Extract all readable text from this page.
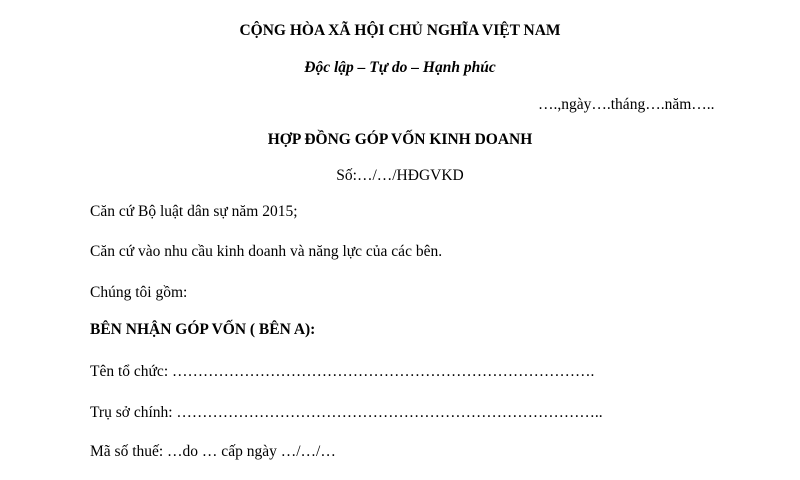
CỘNG HÒA XÃ HỘI CHỦ NGHĨA VIỆT NAM
Độc lập – Tự do – Hạnh phúc
….,ngày….tháng….năm…..
HỢP ĐỒNG GÓP VỐN KINH DOANH
Số:…/…/HĐGVKD
Căn cứ Bộ luật dân sự năm 2015;
Căn cứ vào nhu cầu kinh doanh và năng lực của các bên.
Chúng tôi gồm:
BÊN NHẬN GÓP VỐN ( BÊN A):
Tên tổ chức: ……………………………………………………………………….
Trụ sở chính: ………………………………………………………………………..
Mã số thuế: …do … cấp ngày …/…/…
